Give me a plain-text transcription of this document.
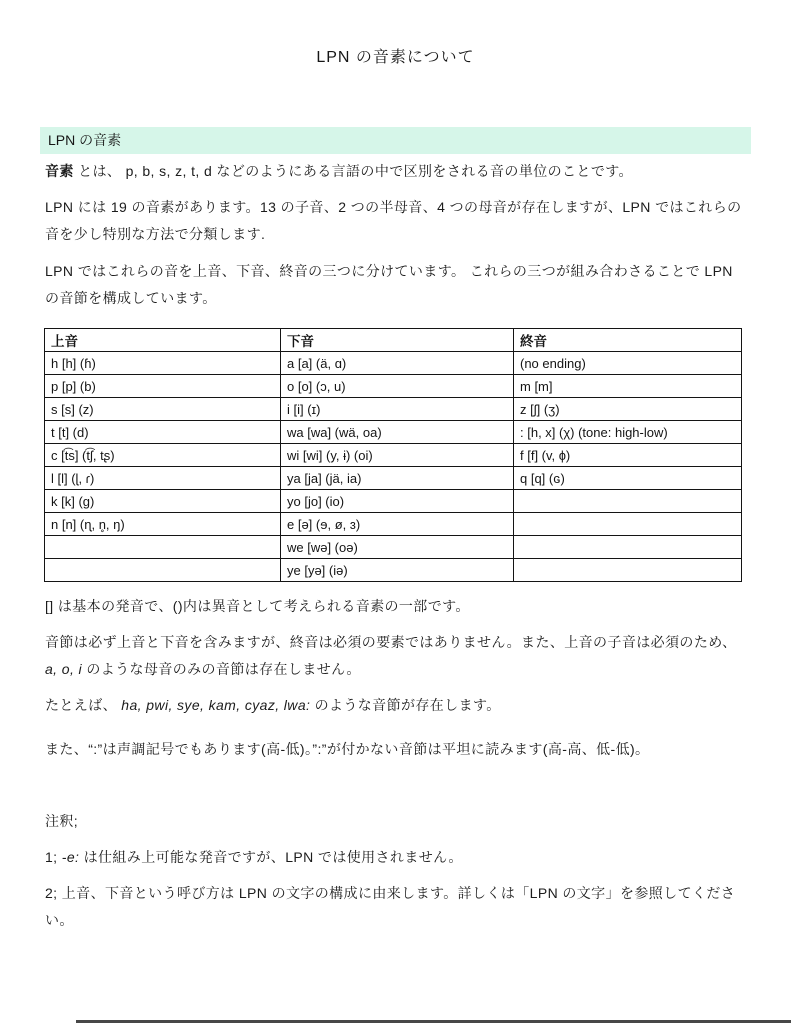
LPN の音素について
LPN の音素
音素 とは、 p, b, s, z, t, d などのようにある言語の中で区別をされる音の単位のことです。
LPN には 19 の音素があります。13 の子音、2 つの半母音、4 つの母音が存在しますが、LPN ではこれらの音を少し特別な方法で分類します.
LPN ではこれらの音を上音、下音、終音の三つに分けています。 これらの三つが組み合わさることで LPN の音節を構成しています。
上音	下音	終音
h [h] (ɦ)	a [a] (ä, ɑ)	(no ending)
p [p] (b)	o [o] (ɔ, u)	m [m]
s [s] (z)	i [i] (ɪ)	z [ʃ] (ʒ)
t [t] (d)	wa [wa] (wä, oa)	: [h, x] (χ) (tone: high-low)
c [t͡s] (t͡ʃ, tʂ)	wi [wi] (y, ɨ) (oi)	f [f] (v, ɸ)
l [l] (ɭ, ɾ)	ya [ja] (jä, ia)	q [q] (ɢ)
k [k] (g)	yo [jo] (io)	
n [n] (ɳ, n̥, ŋ)	e [ə] (ɘ, ø, ɜ)	
	we [wə] (oə)	
	ye [yə] (iə)	
[] は基本の発音で、()内は異音として考えられる音素の一部です。
音節は必ず上音と下音を含みますが、終音は必須の要素ではありません。また、上音の子音は必須のため、a, o, i のような母音のみの音節は存在しません。
たとえば、 ha, pwi, sye, kam, cyaz, lwa: のような音節が存在します。
また、“:”は声調記号でもあります(高-低)。”:”が付かない音節は平坦に読みます(高-高、低-低)。
注釈;
1; -e: は仕組み上可能な発音ですが、LPN では使用されません。
2; 上音、下音という呼び方は LPN の文字の構成に由来します。詳しくは「LPN の文字」を参照してください。
